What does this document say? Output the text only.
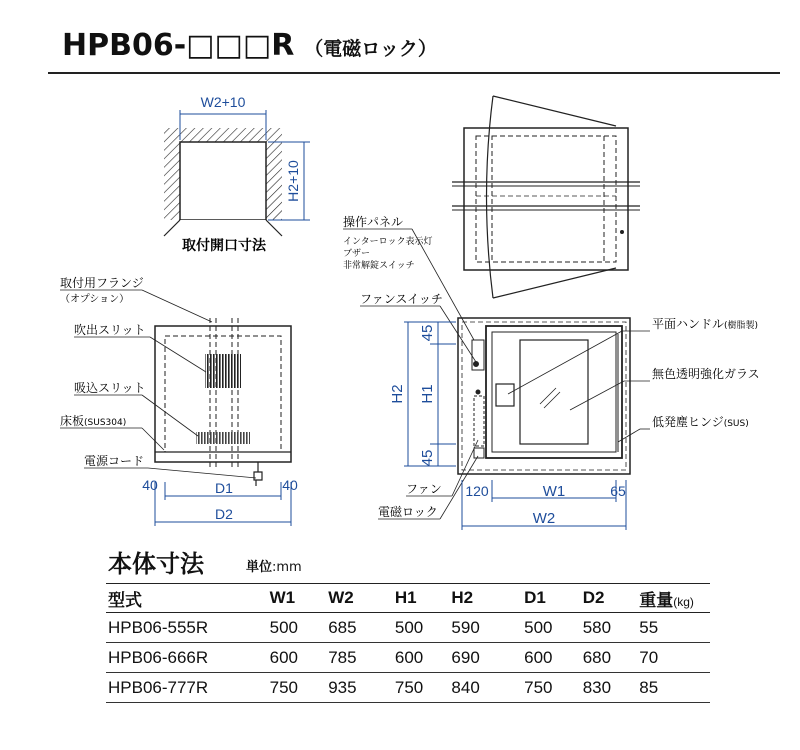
HPB06-□□□R （電磁ロック）
W2+10
H2+10
取付開口寸法
取付用フランジ
（オプション）
吹出スリット
吸込スリット
床板(SUS304)
電源コード
40	40
D1
D2
操作パネル
インターロック表示灯
ブザー
非常解錠スイッチ
ファンスイッチ
平面ハンドル(樹脂製)
無色透明強化ガラス
低発塵ヒンジ(SUS)
ファン
電磁ロック
45
45
H2 H1
120	65
W1
W2
本体寸法	単位:mm
型式	W1	W2	H1	H2	D1	D2	重量(kg)
HPB06-555R	500	685	500	590	500	580	55
HPB06-666R	600	785	600	690	600	680	70
HPB06-777R	750	935	750	840	750	830	85
